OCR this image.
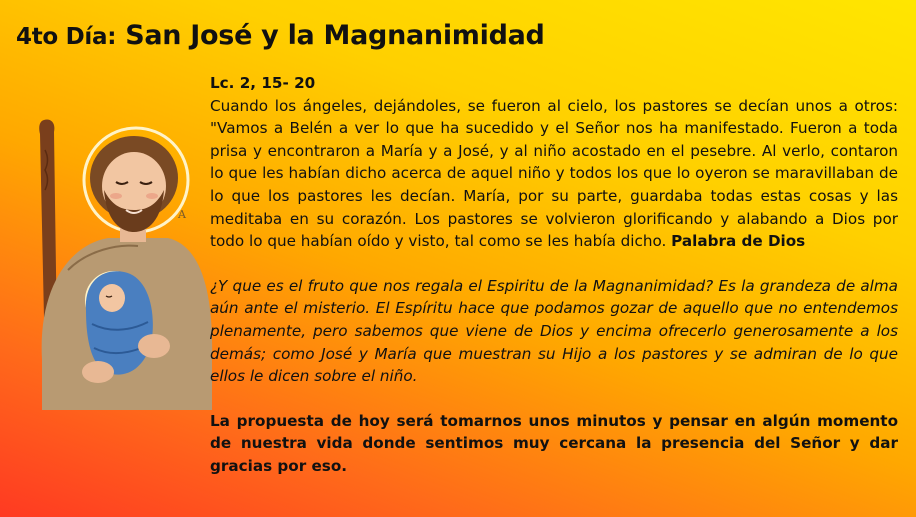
4to Día: San José y la Magnanimidad
A

Lc. 2, 15- 20

Cuando los ángeles, dejándoles, se fueron al cielo, los pastores se decían unos a otros: "Vamos a Belén a ver lo que ha sucedido y el Señor nos ha manifestado. Fueron a toda prisa y encontraron a María y a José, y al niño acostado en el pesebre. Al verlo, contaron lo que les habían dicho acerca de aquel niño y todos los que lo oyeron se maravillaban de lo que los pastores les decían. María, por su parte, guardaba todas estas cosas y las meditaba en su corazón. Los pastores se volvieron glorificando y alabando a Dios por todo lo que habían oído y visto, tal como se les había dicho. Palabra de Dios

¿Y que es el fruto que nos regala el Espiritu de la Magnanimidad? Es la grandeza de alma aún ante el misterio. El Espíritu hace que podamos gozar de aquello que no entendemos plenamente, pero sabemos que viene de Dios y encima ofrecerlo generosamente a los demás; como José y María que muestran su Hijo a los pastores y se admiran de lo que ellos le dicen sobre el niño.

La propuesta de hoy será tomarnos unos minutos y pensar en algún momento de nuestra vida donde sentimos muy cercana la presencia del Señor y dar gracias por eso.
